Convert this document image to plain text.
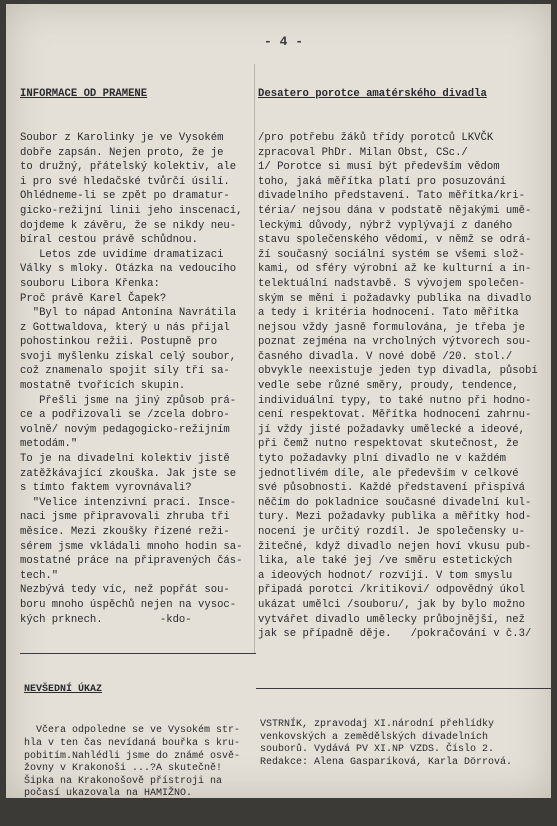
- 4 -

INFORMACE OD PRAMENE

Soubor z Karolinky je ve Vysokém
dobře zapsán. Nejen proto, že je
to družný, přátelský kolektiv, ale
i pro své hledačské tvůrčí úsilí.
Ohlédneme-li se zpět po dramatur-
gicko-režijní linii jeho inscenací,
dojdeme k závěru, že se nikdy neu-
bíral cestou právě schůdnou.
Letos zde uvidíme dramatizaci
Války s mloky. Otázka na vedoucího
souboru Libora Křenka:
Proč právě Karel Čapek?
"Byl to nápad Antonína Navrátila
z Gottwaldova, který u nás přijal
pohostinkou režii. Postupně pro
svoji myšlenku získal celý soubor,
což znamenalo spojit síly tří sa-
mostatně tvořících skupin.
Přešli jsme na jiný způsob prá-
ce a podřizovali se /zcela dobro-
volně/ novým pedagogicko-režijním
metodám."
To je na divadelní kolektiv jistě
zatěžkávající zkouška. Jak jste se
s tímto faktem vyrovnávali?
"Velice intenzivní prací. Insce-
naci jsme připravovali zhruba tři
měsíce. Mezi zkoušky řízené reži-
sérem jsme vkládali mnoho hodin sa-
mostatné práce na připravených čás-
tech."
Nezbývá tedy víc, než popřát sou-
boru mnoho úspěchů nejen na vysoc-
kých prknech.         -kdo-

Desatero porotce amatérského divadla

/pro potřebu žáků třídy porotců LKVČK
zpracoval PhDr. Milan Obst, CSc./
1/ Porotce si musí být především vědom
toho, jaká měřítka platí pro posuzování
divadelního představení. Tato měřítka/kri-
téria/ nejsou dána v podstatě nějakými umě-
leckými důvody, nýbrž vyplývají z daného
stavu společenského vědomí, v němž se odrá-
ží současný sociální systém se všemi slož-
kami, od sféry výrobní až ke kulturní a in-
telektuální nadstavbě. S vývojem společen-
ským se mění i požadavky publika na divadlo
a tedy i kritéria hodnocení. Tato měřítka
nejsou vždy jasně formulována, je třeba je
poznat zejména na vrcholných výtvorech sou-
časného divadla. V nové době /20. stol./
obvykle neexistuje jeden typ divadla, působí
vedle sebe různé směry, proudy, tendence,
individuální typy, to také nutno při hodno-
cení respektovat. Měřítka hodnocení zahrnu-
jí vždy jisté požadavky umělecké a ideové,
při čemž nutno respektovat skutečnost, že
tyto požadavky plní divadlo ne v každém
jednotlivém díle, ale především v celkové
své působnosti. Každé představení přispívá
něčím do pokladnice současné divadelní kul-
tury. Mezi požadavky publika a měřítky hod-
nocení je určitý rozdíl. Je společensky u-
žitečné, když divadlo nejen hoví vkusu pub-
lika, ale také jej /ve směru estetických
a ideových hodnot/ rozvíjí. V tom smyslu
připadá porotci /kritikovi/ odpovědný úkol
ukázat umělci /souboru/, jak by bylo možno
vytvářet divadlo umělecky průbojnější, než
jak se případně děje.   /pokračování v č.3/

NEVŠEDNÍ ÚKAZ

Včera odpoledne se ve Vysokém str-
hla v ten čas nevídaná bouřka s kru-
pobitím.Nahlédli jsme do známé osvě-
žovny v Krakonoši ...?A skutečně!
Šipka na Krakonošově přístroji na
počasí ukazovala na HAMIŽNO.

VSTRNÍK, zpravodaj XI.národní přehlídky
venkovských a zemědělských divadelních
souborů. Vydává PV XI.NP VZDS. Číslo 2.
Redakce: Alena Gaspariková, Karla Dörrová.
